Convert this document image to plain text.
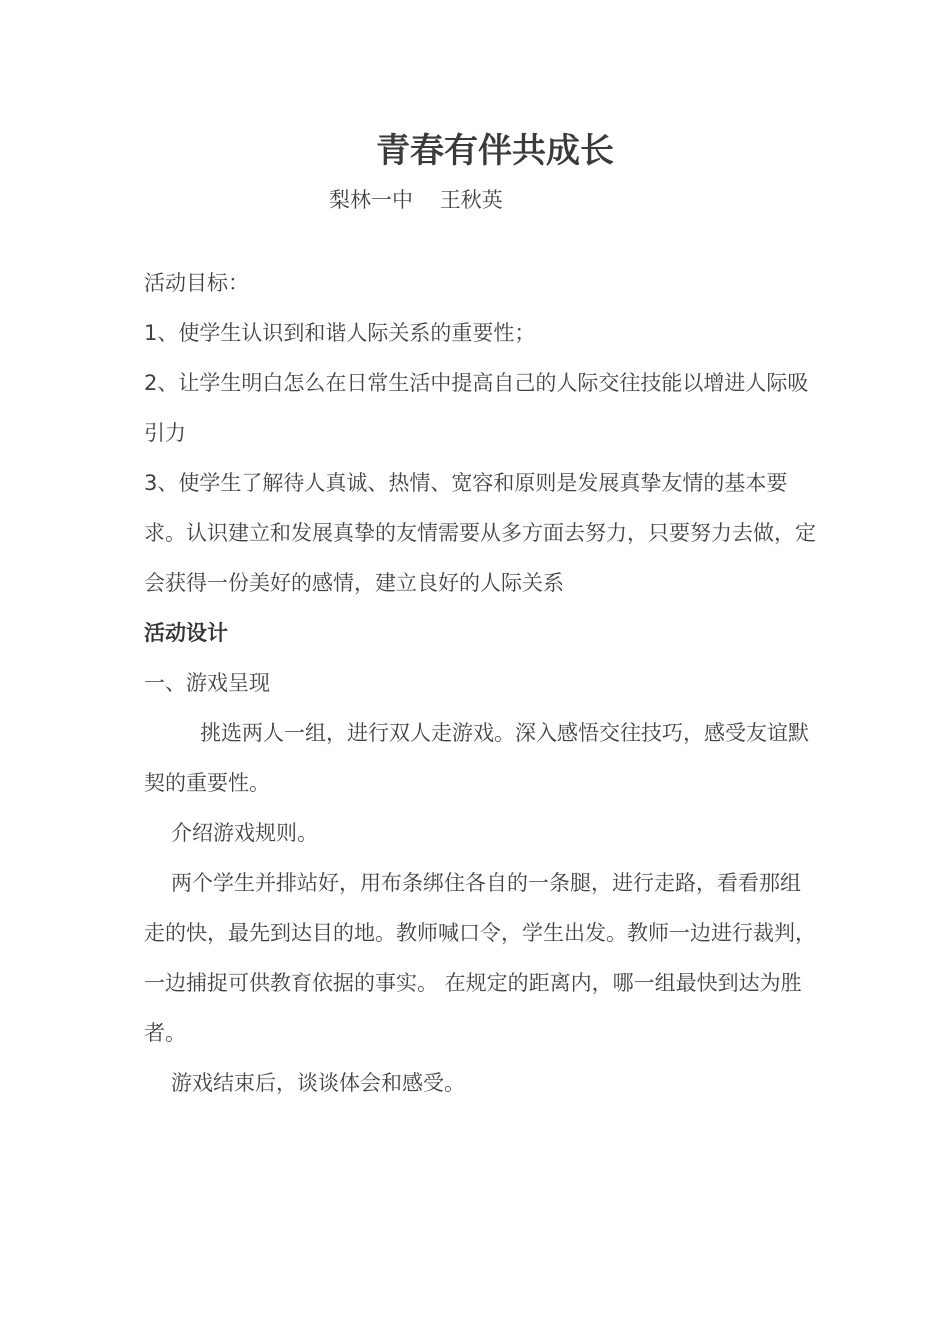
青春有伴共成长
梨林一中    王秋英

活动目标：

1、使学生认识到和谐人际关系的重要性；

2、让学生明白怎么在日常生活中提高自己的人际交往技能以增进人际吸引力

3、使学生了解待人真诚、热情、宽容和原则是发展真挚友情的基本要求。认识建立和发展真挚的友情需要从多方面去努力，只要努力去做，定会获得一份美好的感情，建立良好的人际关系

活动设计

一、游戏呈现

挑选两人一组，进行双人走游戏。深入感悟交往技巧，感受友谊默契的重要性。

介绍游戏规则。

两个学生并排站好，用布条绑住各自的一条腿，进行走路，看看那组走的快，最先到达目的地。教师喊口令，学生出发。教师一边进行裁判，一边捕捉可供教育依据的事实。 在规定的距离内，哪一组最快到达为胜者。

游戏结束后，谈谈体会和感受。
